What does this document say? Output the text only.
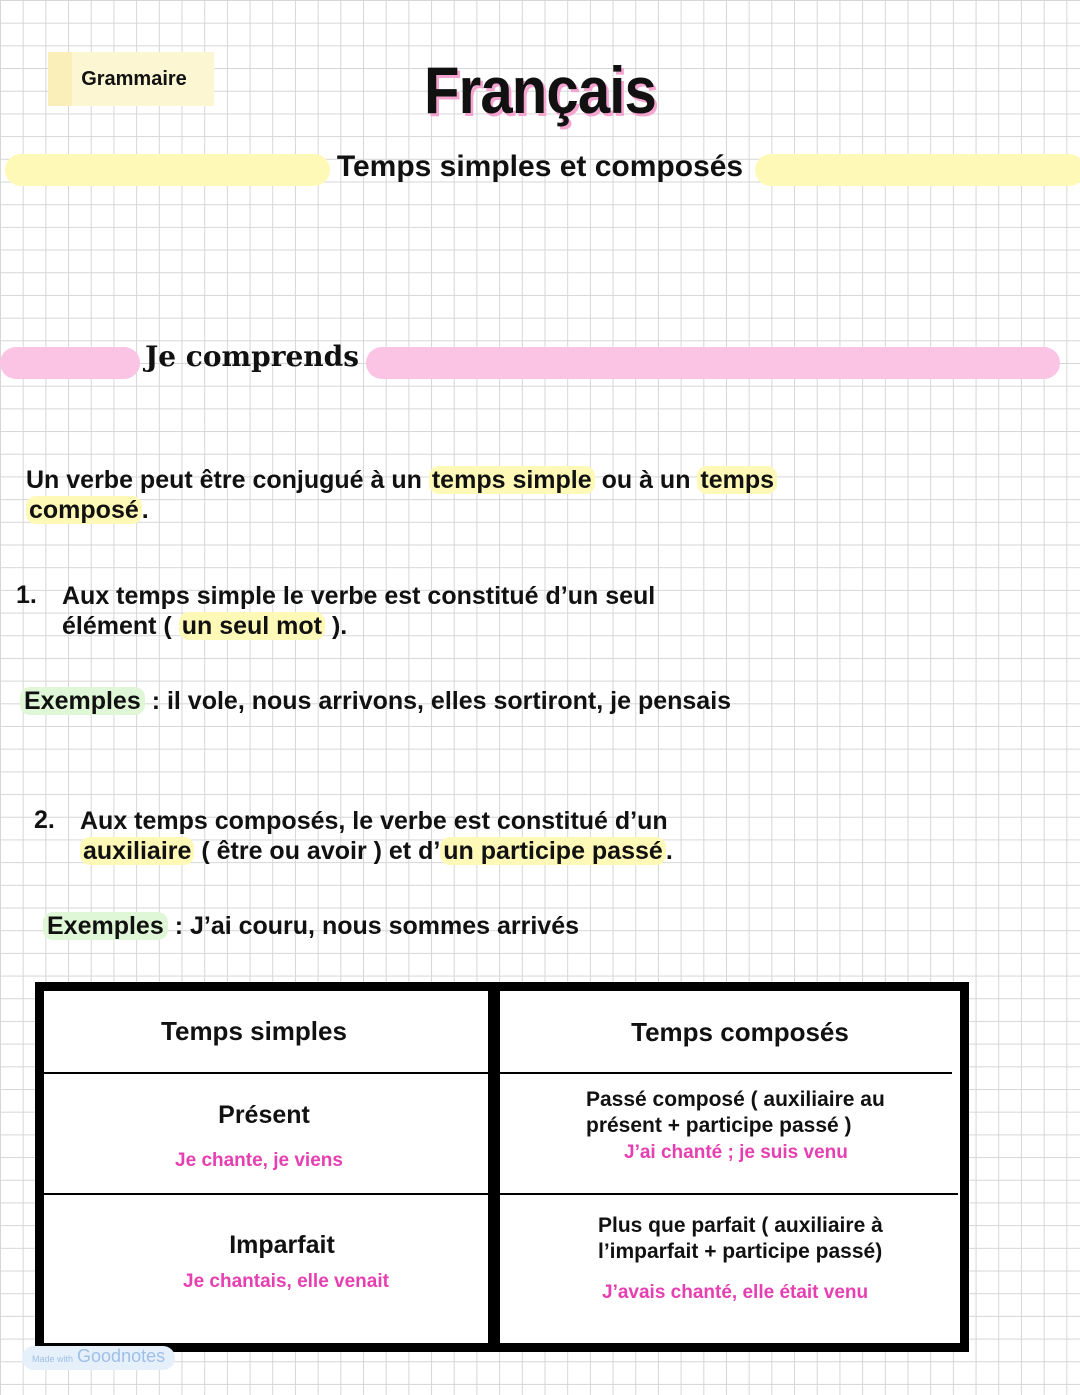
Grammaire	Français
Temps simples et composés
Je comprends
Un verbe peut être conjugué à un temps simple ou à un temps
composé .
1. Aux temps simple le verbe est constitué d’un seul
élément ( un seul mot ).
Exemples : il vole, nous arrivons, elles sortiront, je pensais
2. Aux temps composés, le verbe est constitué d’un
auxiliaire ( être ou avoir ) et d’ un participe passé .
Exemples : J’ai couru, nous sommes arrivés
Temps simples	Temps composés
Présent
Je chante, je viens
Passé composé ( auxiliaire au
présent + participe passé )
J’ai chanté ; je suis venu
Imparfait
Je chantais, elle venait
Plus que parfait ( auxiliaire à
l’imparfait + participe passé)
J’avais chanté, elle était venu
Made with Goodnotes
